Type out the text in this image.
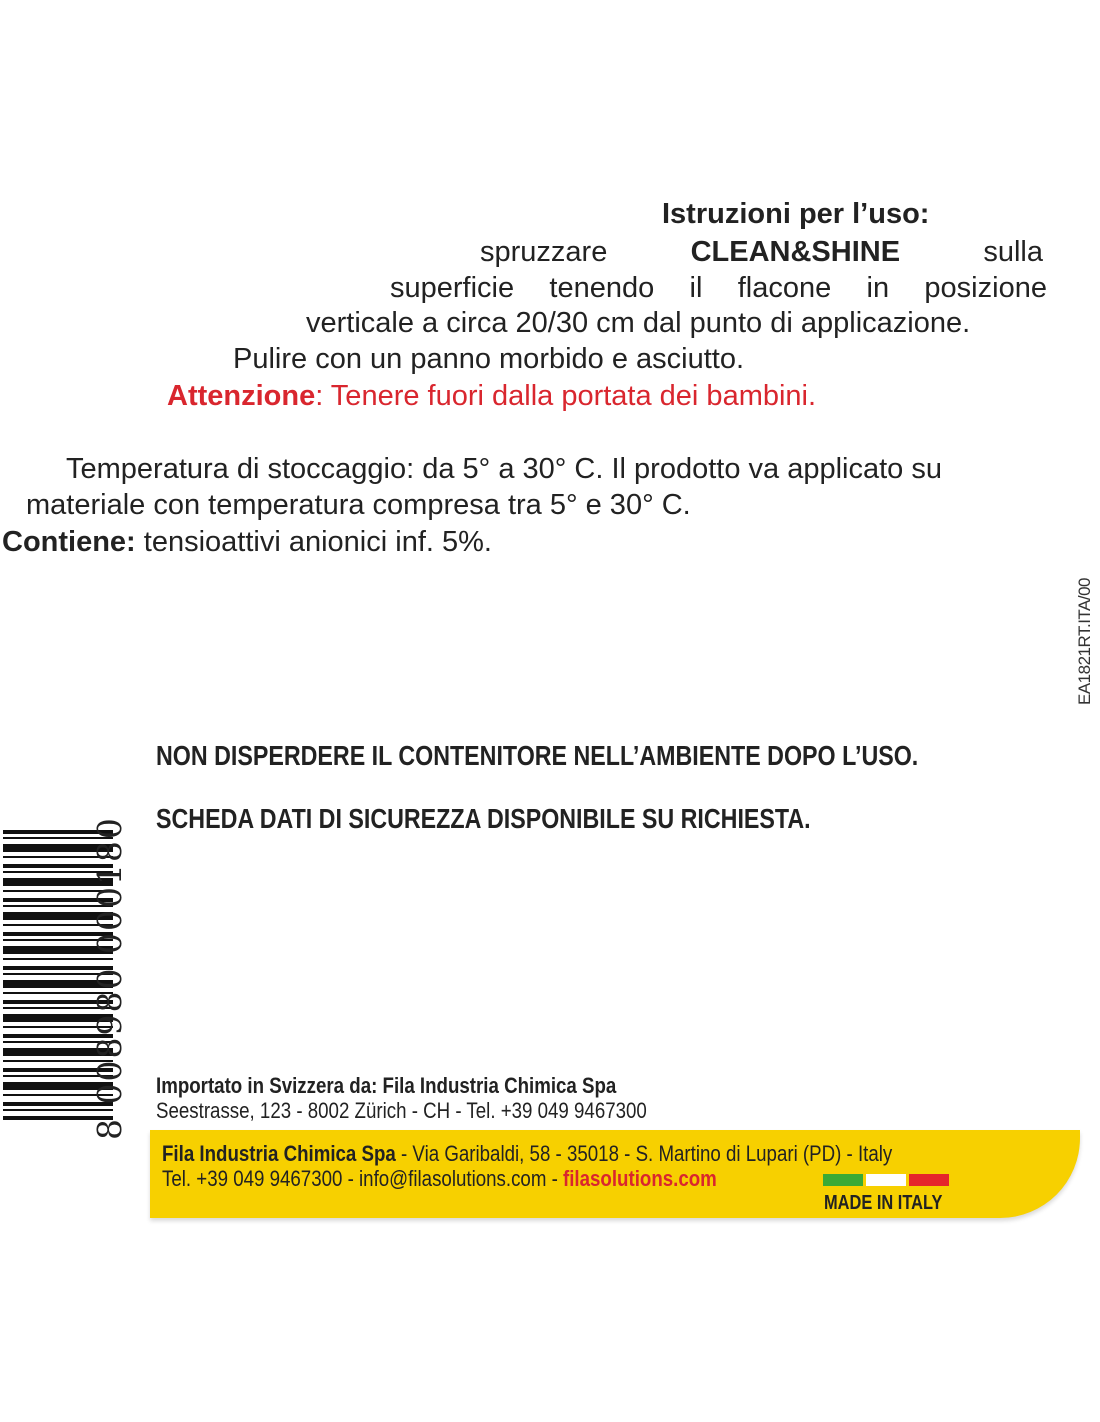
Istruzioni per l’uso:
spruzzare	CLEAN&SHINE	sulla
superficie tenendo il flacone in posizione
verticale a circa 20/30 cm dal punto di applicazione.
Pulire con un panno morbido e asciutto.
Attenzione: Tenere fuori dalla portata dei bambini.
Temperatura di stoccaggio: da 5° a 30° C. Il prodotto va applicato su
materiale con temperatura compresa tra 5° e 30° C.
Contiene: tensioattivi anionici inf. 5%.
EA1821RT.ITA/00
NON DISPERDERE IL CONTENITORE NELL’AMBIENTE DOPO L’USO.
SCHEDA DATI DI SICUREZZA DISPONIBILE SU RICHIESTA.
8 008980 000180 Importato in Svizzera da: Fila Industria Chimica Spa
Seestrasse, 123 - 8002 Zürich - CH - Tel. +39 049 9467300
Fila Industria Chimica Spa - Via Garibaldi, 58 - 35018 - S. Martino di Lupari (PD) - Italy
Tel. +39 049 9467300 - info@filasolutions.com - filasolutions.com
MADE IN ITALY
